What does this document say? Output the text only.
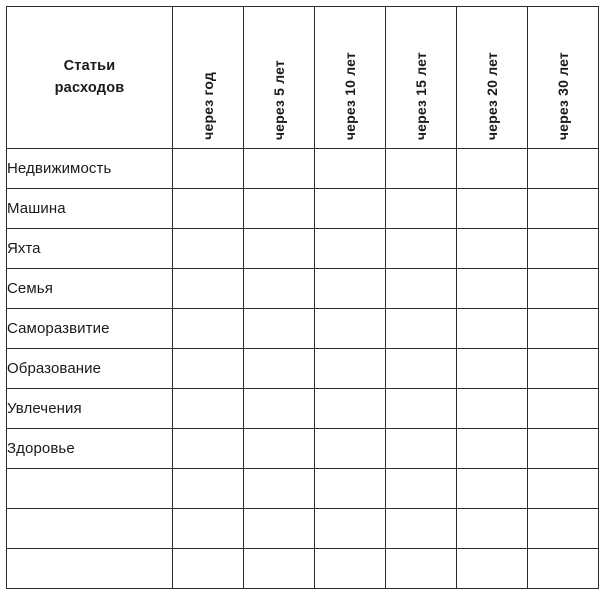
Статьи
расходов	через год	через 5 лет	через 10 лет	через 15 лет	через 20 лет	через 30 лет

Недвижимость						
Машина						
Яхта						
Семья						
Саморазвитие						
Образование						
Увлечения						
Здоровье						
